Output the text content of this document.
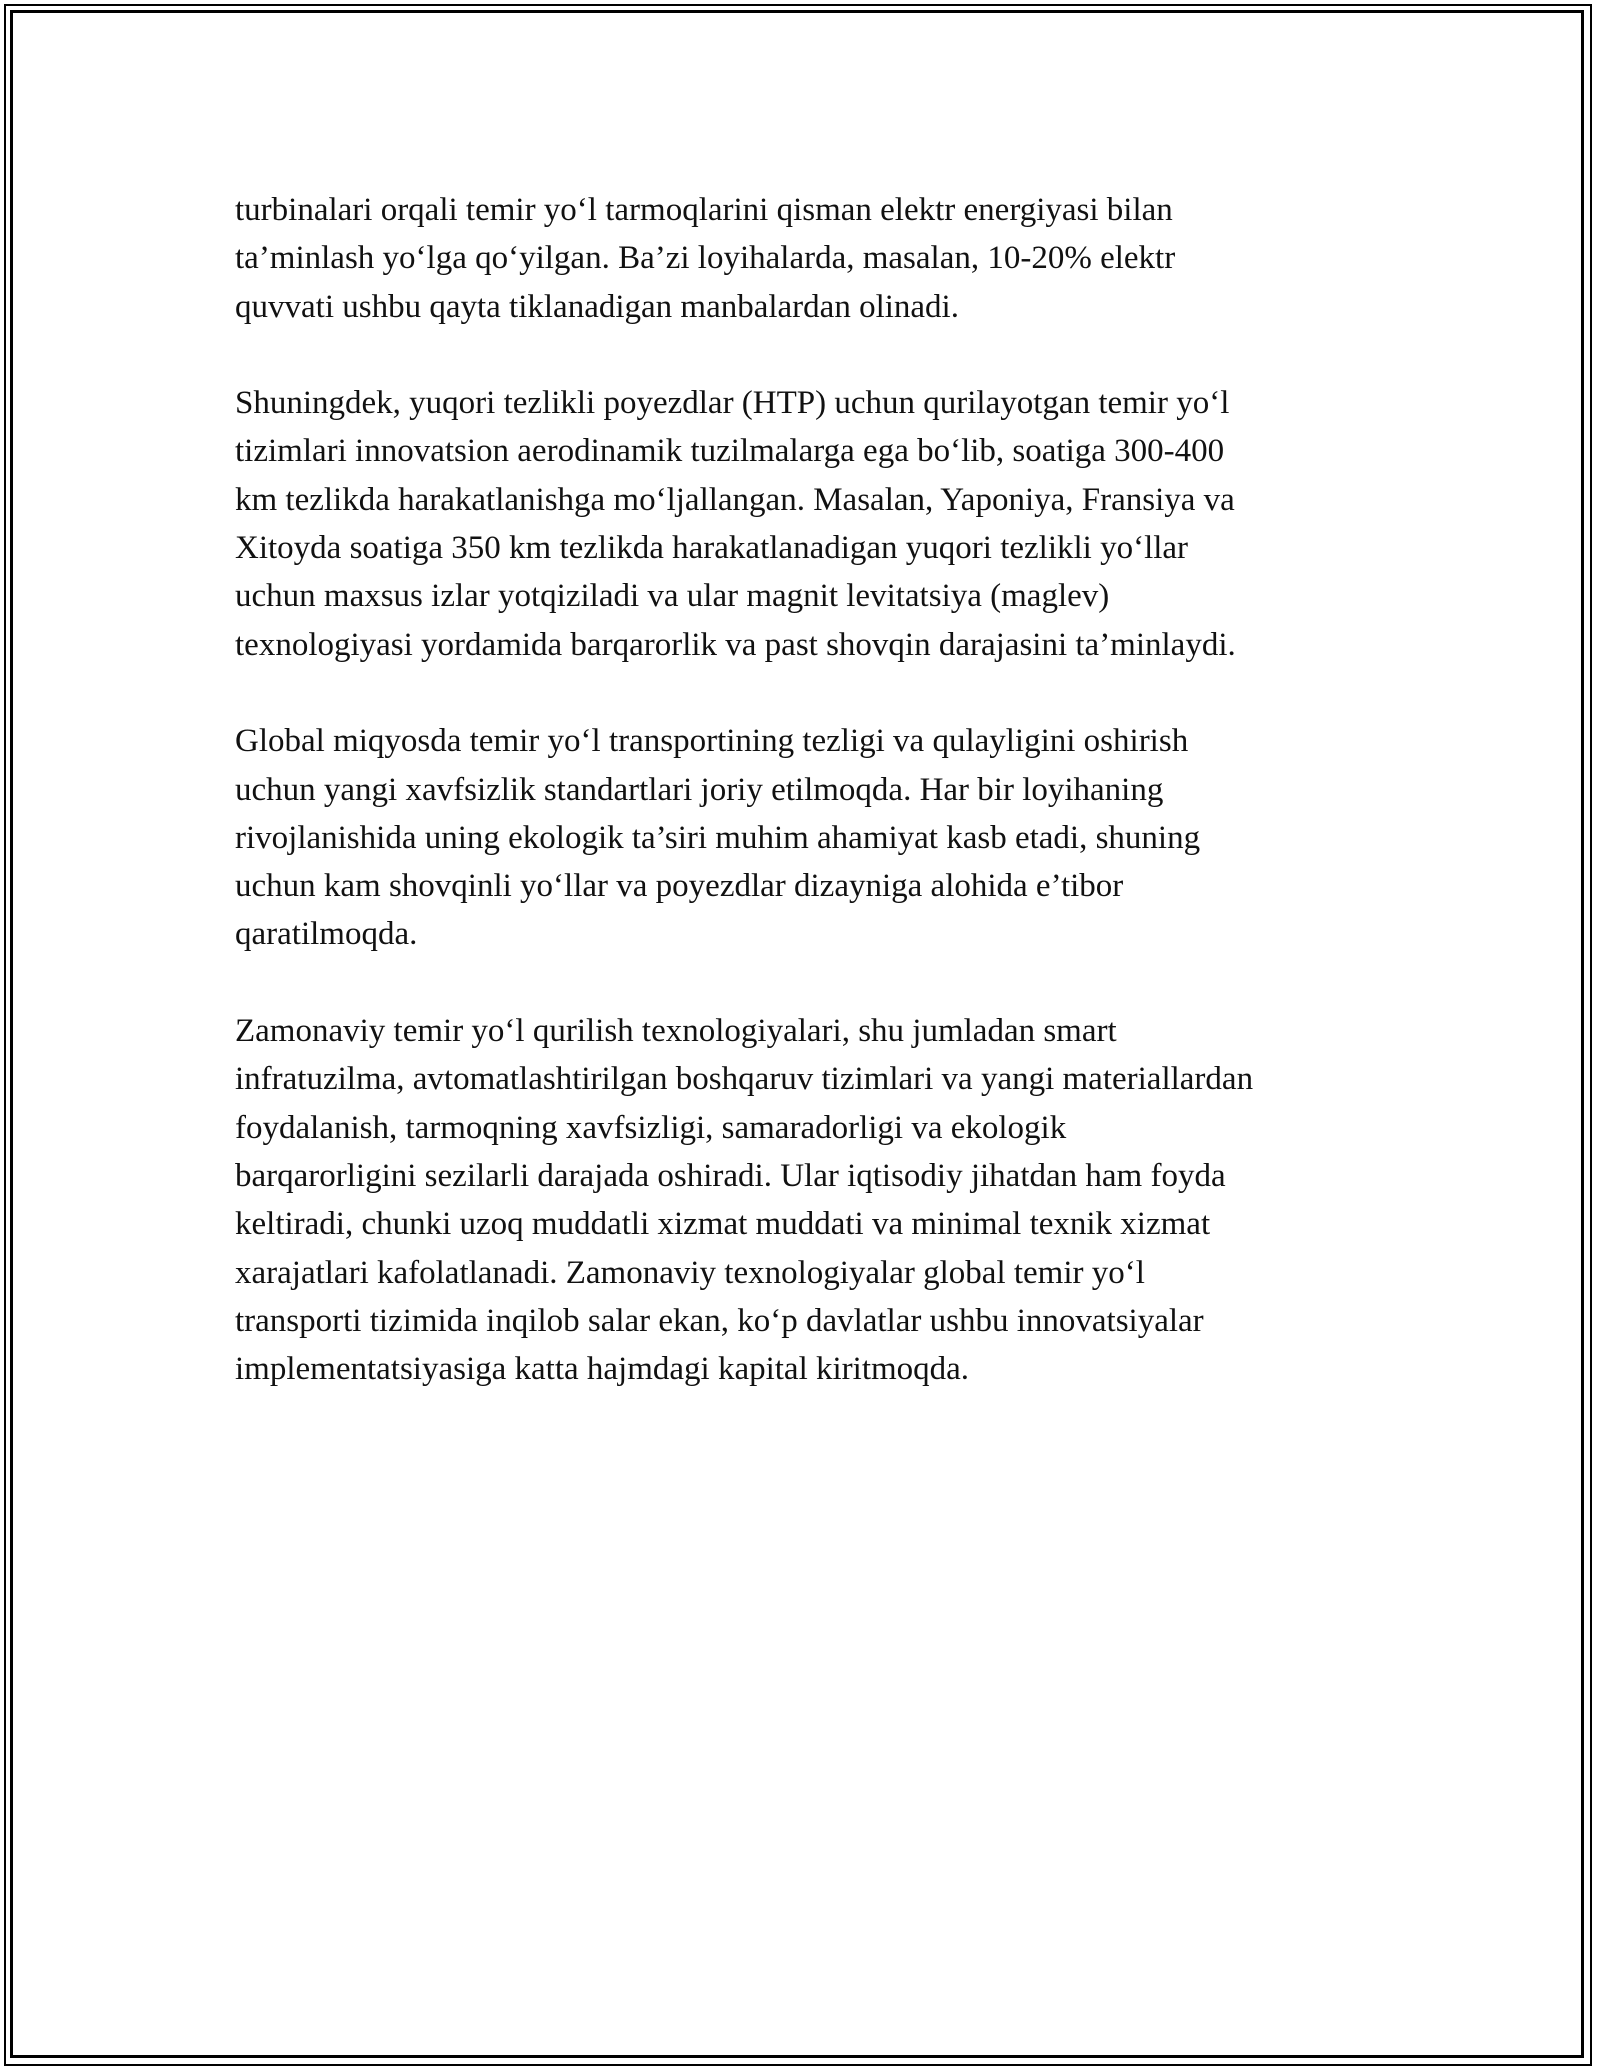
turbinalari orqali temir yo‘l tarmoqlarini qisman elektr energiyasi bilan
ta’minlash yo‘lga qo‘yilgan. Ba’zi loyihalarda, masalan, 10-20% elektr
quvvati ushbu qayta tiklanadigan manbalardan olinadi.

Shuningdek, yuqori tezlikli poyezdlar (HTP) uchun qurilayotgan temir yo‘l
tizimlari innovatsion aerodinamik tuzilmalarga ega bo‘lib, soatiga 300-400
km tezlikda harakatlanishga mo‘ljallangan. Masalan, Yaponiya, Fransiya va
Xitoyda soatiga 350 km tezlikda harakatlanadigan yuqori tezlikli yo‘llar
uchun maxsus izlar yotqiziladi va ular magnit levitatsiya (maglev)
texnologiyasi yordamida barqarorlik va past shovqin darajasini ta’minlaydi.

Global miqyosda temir yo‘l transportining tezligi va qulayligini oshirish
uchun yangi xavfsizlik standartlari joriy etilmoqda. Har bir loyihaning
rivojlanishida uning ekologik ta’siri muhim ahamiyat kasb etadi, shuning
uchun kam shovqinli yo‘llar va poyezdlar dizayniga alohida e’tibor
qaratilmoqda.

Zamonaviy temir yo‘l qurilish texnologiyalari, shu jumladan smart
infratuzilma, avtomatlashtirilgan boshqaruv tizimlari va yangi materiallardan
foydalanish, tarmoqning xavfsizligi, samaradorligi va ekologik
barqarorligini sezilarli darajada oshiradi. Ular iqtisodiy jihatdan ham foyda
keltiradi, chunki uzoq muddatli xizmat muddati va minimal texnik xizmat
xarajatlari kafolatlanadi. Zamonaviy texnologiyalar global temir yo‘l
transporti tizimida inqilob salar ekan, ko‘p davlatlar ushbu innovatsiyalar
implementatsiyasiga katta hajmdagi kapital kiritmoqda.
